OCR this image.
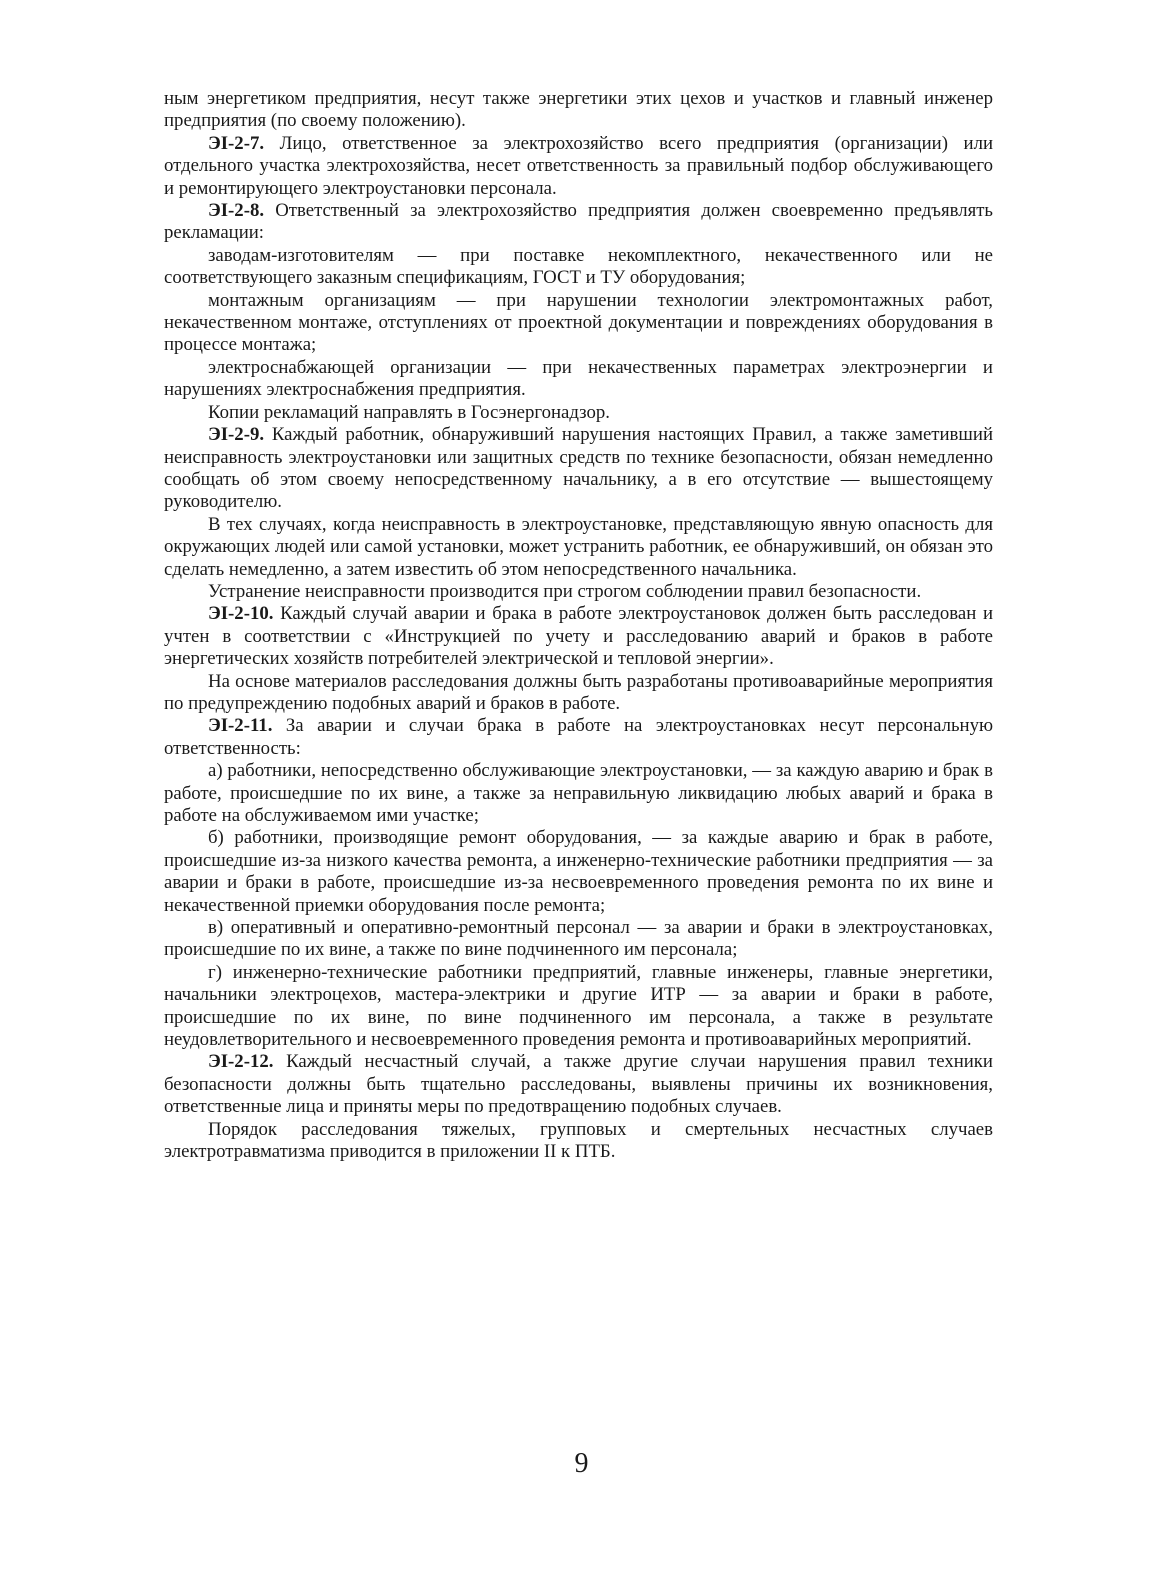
ным энергетиком предприятия, несут также энергетики этих цехов и участков и главный инженер предприятия (по своему положению).

ЭI-2-7. Лицо, ответственное за электрохозяйство всего предприятия (организации) или отдельного участка электрохозяйства, несет ответственность за правильный подбор обслуживающего и ремонтирующего электроустановки персонала.

ЭI-2-8. Ответственный за электрохозяйство предприятия должен своевременно предъявлять рекламации:

заводам-изготовителям — при поставке некомплектного, некачественного или не соответствующего заказным спецификациям, ГОСТ и ТУ оборудования;

монтажным организациям — при нарушении технологии электромонтажных работ, некачественном монтаже, отступлениях от проектной документации и повреждениях оборудования в процессе монтажа;

электроснабжающей организации — при некачественных параметрах электроэнергии и нарушениях электроснабжения предприятия.

Копии рекламаций направлять в Госэнергонадзор.

ЭI-2-9. Каждый работник, обнаруживший нарушения настоящих Правил, а также заметивший неисправность электроустановки или защитных средств по технике безопасности, обязан немедленно сообщать об этом своему непосредственному начальнику, а в его отсутствие — вышестоящему руководителю.

В тех случаях, когда неисправность в электроустановке, представляющую явную опасность для окружающих людей или самой установки, может устранить работник, ее обнаруживший, он обязан это сделать немедленно, а затем известить об этом непосредственного начальника.

Устранение неисправности производится при строгом соблюдении правил безопасности.

ЭI-2-10. Каждый случай аварии и брака в работе электроустановок должен быть расследован и учтен в соответствии с «Инструкцией по учету и расследованию аварий и браков в работе энергетических хозяйств потребителей электрической и тепловой энергии».

На основе материалов расследования должны быть разработаны противоаварийные мероприятия по предупреждению подобных аварий и браков в работе.

ЭI-2-11. За аварии и случаи брака в работе на электроустановках несут персональную ответственность:

а) работники, непосредственно обслуживающие электроустановки, — за каждую аварию и брак в работе, происшедшие по их вине, а также за неправильную ликвидацию любых аварий и брака в работе на обслуживаемом ими участке;

б) работники, производящие ремонт оборудования, — за каждые аварию и брак в работе, происшедшие из-за низкого качества ремонта, а инженерно-технические работники предприятия — за аварии и браки в работе, происшедшие из-за несвоевременного проведения ремонта по их вине и некачественной приемки оборудования после ремонта;

в) оперативный и оперативно-ремонтный персонал — за аварии и браки в электроустановках, происшедшие по их вине, а также по вине подчиненного им персонала;

г) инженерно-технические работники предприятий, главные инженеры, главные энергетики, начальники электроцехов, мастера-электрики и другие ИТР — за аварии и браки в работе, происшедшие по их вине, по вине подчиненного им персонала, а также в результате неудовлетворительного и несвоевременного проведения ремонта и противоаварийных мероприятий.

ЭI-2-12. Каждый несчастный случай, а также другие случаи нарушения правил техники безопасности должны быть тщательно расследованы, выявлены причины их возникновения, ответственные лица и приняты меры по предотвращению подобных случаев.

Порядок расследования тяжелых, групповых и смертельных несчастных случаев электротравматизма приводится в приложении II к ПТБ.

9
